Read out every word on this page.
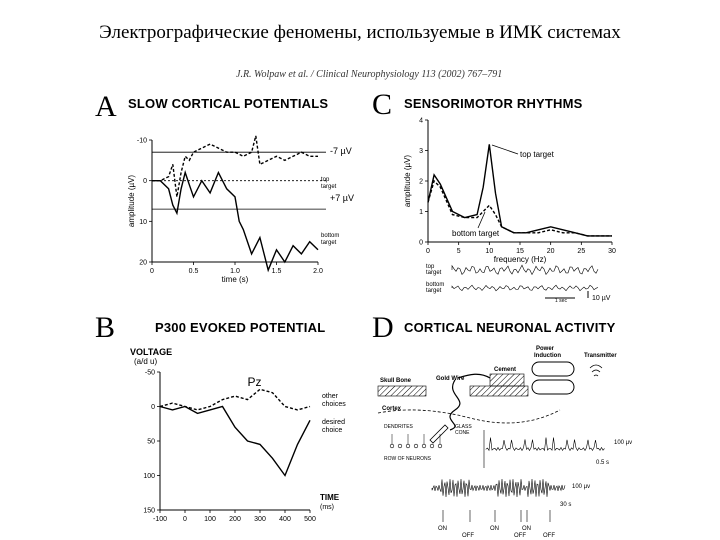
Электрографические феномены, используемые в ИМК системах
J.R. Wolpaw et al. / Clinical Neurophysiology 113 (2002) 767–791
A SLOW CORTICAL POTENTIALS C SENSORIMOTOR RHYTHMS
B	P300 EVOKED POTENTIAL D CORTICAL NEURONAL ACTIVITY
-7 µV
+7 µV
top
target
bottom
target
VOLTAGE
(a/d u)
other
choices
desired
choice
TIME
(ms)
top target
bottom target
top
target
bottom
target
1 sec	10 µV
Skull Bone	Gold Wire
Cement
Power
Induction	Transmitter
Cortex
DENDRITES	GLASS
CONE
ROW OF NEURONS
100 µv
0.5 s
100 µv
30 s
ON
OFF
ON
OFF
ON
OFF
0	0.5	1.0	1.5	2.0
-10
0
10
20
time (s)
amplitude (µV)
-100 0 100 200 300 400 500
-50
0
50
100
150
Pz
0	5	10	15	20	25	30
0
1
2
3
4
frequency (Hz)
amplitude (µV)
